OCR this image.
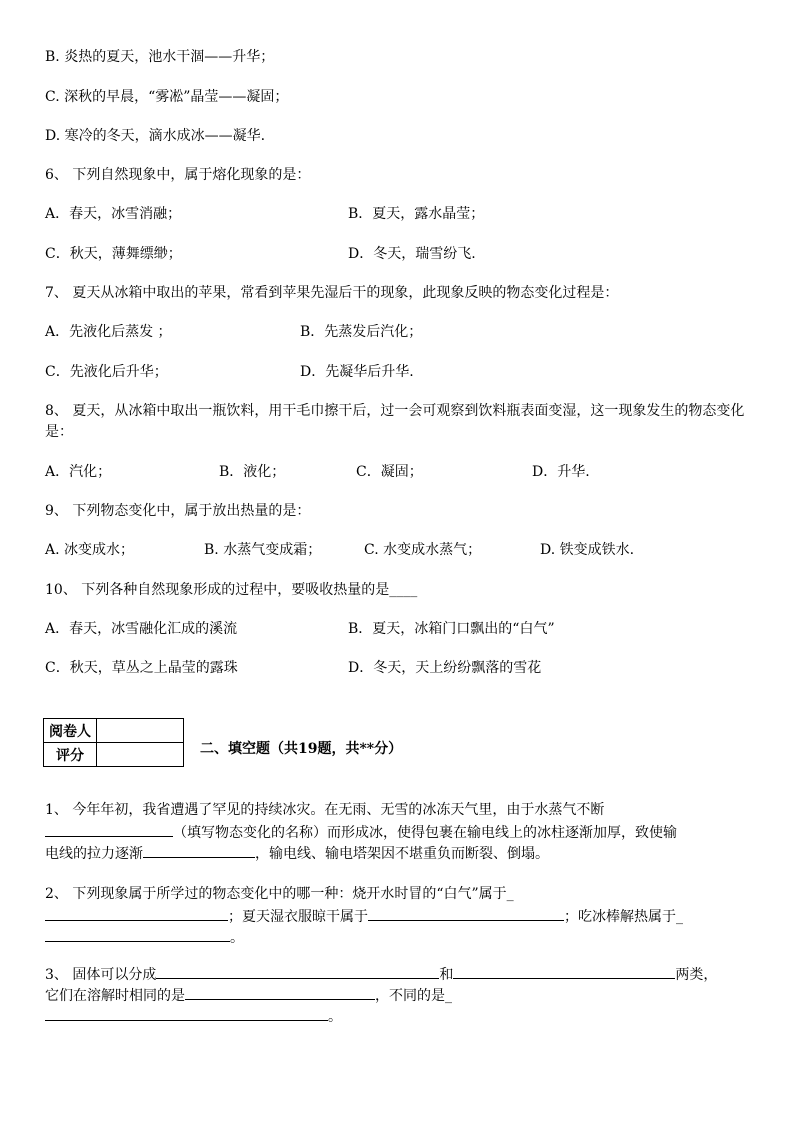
B. 炎热的夏天，池水干涸——升华；
C. 深秋的早晨，“雾凇”晶莹——凝固；
D. 寒冷的冬天，滴水成冰——凝华.
6、 下列自然现象中，属于熔化现象的是：
A．春天，冰雪消融；	B．夏天，露水晶莹；
C．秋天，薄舞缥缈；	D．冬天，瑞雪纷飞.
7、 夏天从冰箱中取出的苹果，常看到苹果先湿后干的现象，此现象反映的物态变化过程是：
A．先液化后蒸发 ；	B．先蒸发后汽化；
C．先液化后升华；	D．先凝华后升华.
8、 夏天，从冰箱中取出一瓶饮料，用干毛巾擦干后，过一会可观察到饮料瓶表面变湿，这一现象发生的物态变化是：
A．汽化；	B．液化；	C．凝固；	D．升华.
9、 下列物态变化中，属于放出热量的是：
A. 冰变成水；	B. 水蒸气变成霜；	C. 水变成水蒸气；	D. 铁变成铁水.
10、 下列各种自然现象形成的过程中，要吸收热量的是____
A．春天，冰雪融化汇成的溪流	B．夏天，冰箱门口飘出的“白气”
C．秋天，草丛之上晶莹的露珠	D．冬天，天上纷纷飘落的雪花
阅卷人	
评分		二、填空题（共19题，共**分）
1、 今年年初，我省遭遇了罕见的持续冰灾。在无雨、无雪的冰冻天气里，由于水蒸气不断
（填写物态变化的名称）而形成冰，使得包裹在输电线上的冰柱逐渐加厚，致使输
电线的拉力逐渐	，输电线、输电塔架因不堪重负而断裂、倒塌。
2、 下列现象属于所学过的物态变化中的哪一种：烧开水时冒的“白气”属于_
；夏天湿衣服晾干属于	；吃冰棒解热属于_
。
3、 固体可以分成	和	两类，
它们在溶解时相同的是	，不同的是_
。
